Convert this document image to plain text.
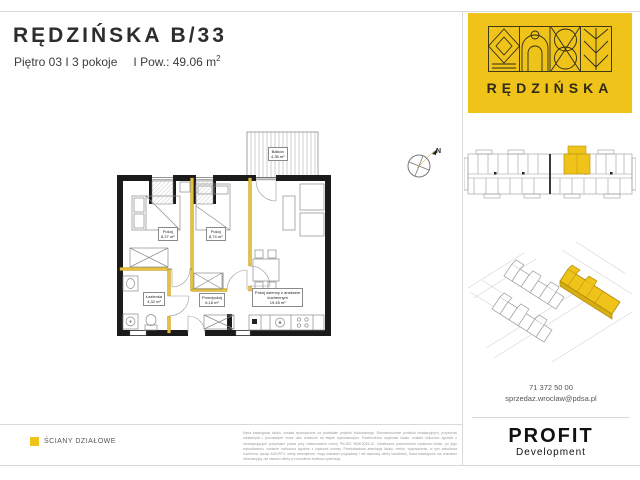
RĘDZIŃSKA B/33
Piętro 03 I 3 pokoje I Pow.: 49.06 $m^2$
RĘDZIŃSKA
N
Pokój
8,27 m²
Pokój
8,74 m²
Łazienka
4,32 m²
Przedpokój
6,18 m²
Pokój dzienny z aneksem
kuchennym
19,45 m²
Balkon
4,36 m²
71 372 50 00
sprzedaz.wroclaw@pdsa.pl
PROFIT
Development
ŚCIANY DZIAŁOWE
Karta katalogowa lokalu, została sporządzona na podstawie projektu budowlanego. Rozmieszczenie punktów instalacyjnych, przyborów sanitarnych i pozostałych może ulec zmianom na etapie wykonawczym. Powierzchnia użytkowa lokalu, została obliczona zgodnie z obowiązującymi przepisami prawa przy zastosowaniu normy PN-ISO 9836:2015-12. Ostateczna powierzchnia użytkowa lokalu, po jego wybudowaniu, zostanie rozliczona zgodnie z zapisami umowy. Przedstawiona aranżacja lokalu, meble, wyposażenie, w tym zabudowa kuchenna, sprzęt AGD/RTV, strefy wewnętrzne, mają charakter poglądowy i nie stanowią oferty handlowej. Karta katalogowa ma charakter informacyjny, nie stanowi oferty w rozumieniu kodeksu cywilnego.
